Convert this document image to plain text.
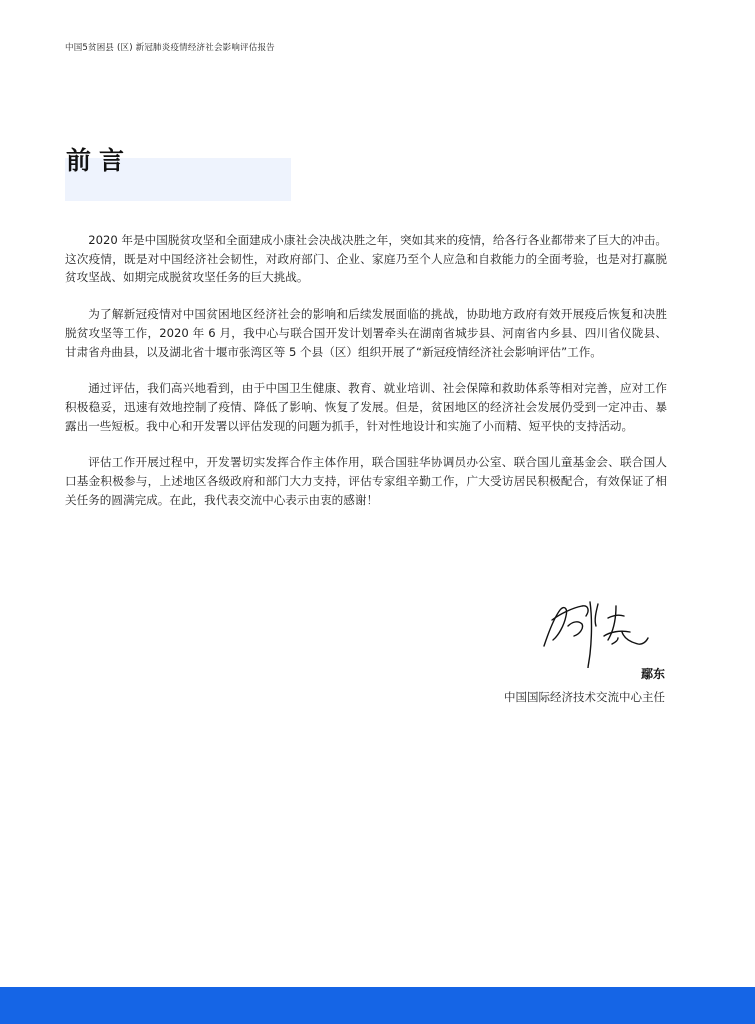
中国5贫困县 (区) 新冠肺炎疫情经济社会影响评估报告
前言

2020 年是中国脱贫攻坚和全面建成小康社会决战决胜之年，突如其来的疫情，给各行各业都带来了巨大的冲击。这次疫情，既是对中国经济社会韧性，对政府部门、企业、家庭乃至个人应急和自救能力的全面考验，也是对打赢脱贫攻坚战、如期完成脱贫攻坚任务的巨大挑战。

为了解新冠疫情对中国贫困地区经济社会的影响和后续发展面临的挑战，协助地方政府有效开展疫后恢复和决胜脱贫攻坚等工作，2020 年 6 月，我中心与联合国开发计划署牵头在湖南省城步县、河南省内乡县、四川省仪陇县、甘肃省舟曲县，以及湖北省十堰市张湾区等 5 个县（区）组织开展了“新冠疫情经济社会影响评估”工作。

通过评估，我们高兴地看到，由于中国卫生健康、教育、就业培训、社会保障和救助体系等相对完善，应对工作积极稳妥，迅速有效地控制了疫情、降低了影响、恢复了发展。但是，贫困地区的经济社会发展仍受到一定冲击、暴露出一些短板。我中心和开发署以评估发现的问题为抓手，针对性地设计和实施了小而精、短平快的支持活动。

评估工作开展过程中，开发署切实发挥合作主体作用，联合国驻华协调员办公室、联合国儿童基金会、联合国人口基金积极参与，上述地区各级政府和部门大力支持，评估专家组辛勤工作，广大受访居民积极配合，有效保证了相关任务的圆满完成。在此，我代表交流中心表示由衷的感谢！

鄢东
中国国际经济技术交流中心主任
